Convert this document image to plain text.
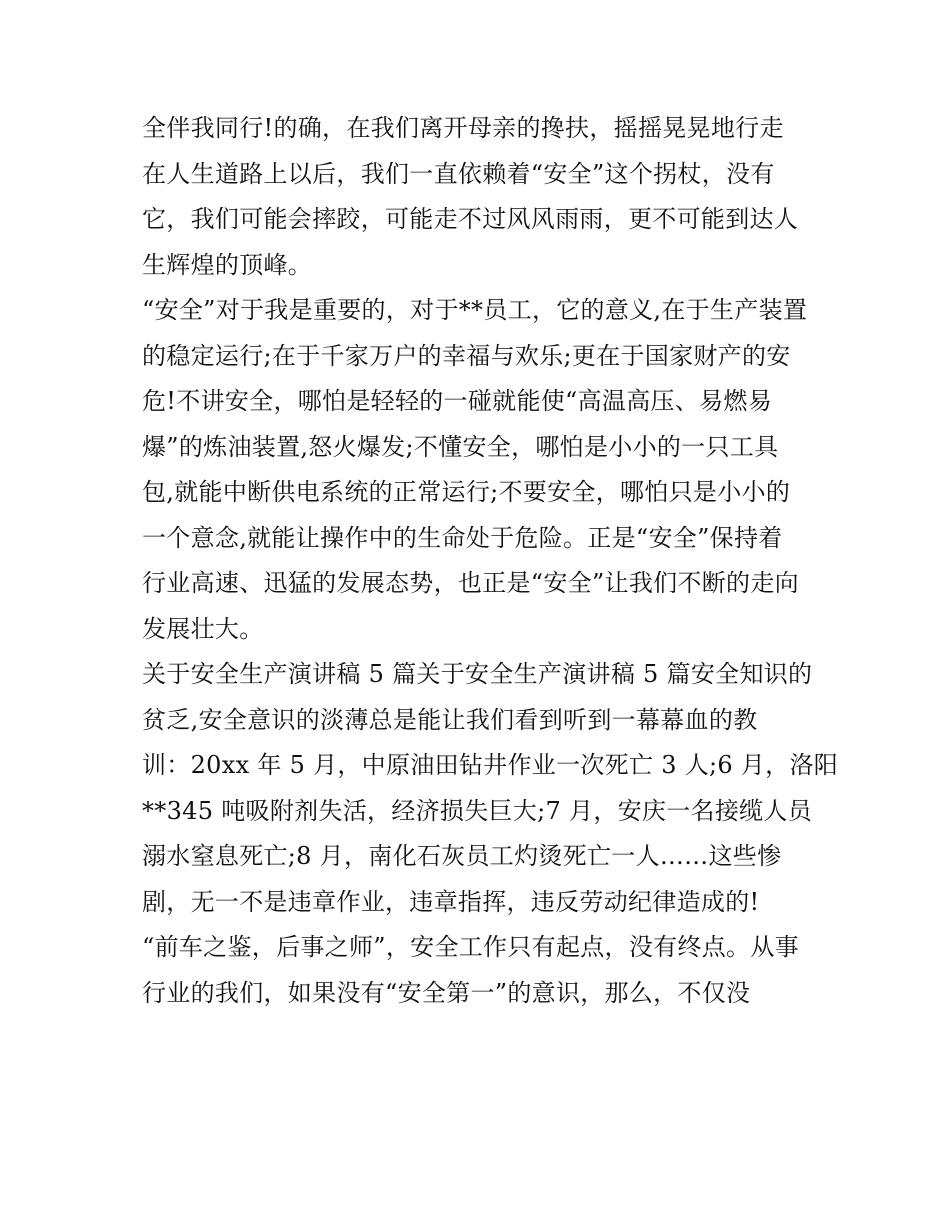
全伴我同行!的确，在我们离开母亲的搀扶，摇摇晃晃地行走
在人生道路上以后，我们一直依赖着“安全”这个拐杖，没有
它，我们可能会摔跤，可能走不过风风雨雨，更不可能到达人
生辉煌的顶峰。
“安全”对于我是重要的，对于**员工，它的意义,在于生产装置
的稳定运行;在于千家万户的幸福与欢乐;更在于国家财产的安
危!不讲安全，哪怕是轻轻的一碰就能使“高温高压、易燃易
爆”的炼油装置,怒火爆发;不懂安全，哪怕是小小的一只工具
包,就能中断供电系统的正常运行;不要安全，哪怕只是小小的
一个意念,就能让操作中的生命处于危险。正是“安全”保持着
行业高速、迅猛的发展态势，也正是“安全”让我们不断的走向
发展壮大。
关于安全生产演讲稿 5 篇关于安全生产演讲稿 5 篇安全知识的
贫乏,安全意识的淡薄总是能让我们看到听到一幕幕血的教
训：20xx 年 5 月，中原油田钻井作业一次死亡 3 人;6 月，洛阳
**345 吨吸附剂失活，经济损失巨大;7 月，安庆一名接缆人员
溺水窒息死亡;8 月，南化石灰员工灼烫死亡一人……这些惨
剧，无一不是违章作业，违章指挥，违反劳动纪律造成的!
“前车之鉴，后事之师”，安全工作只有起点，没有终点。从事
行业的我们，如果没有“安全第一”的意识，那么，不仅没
